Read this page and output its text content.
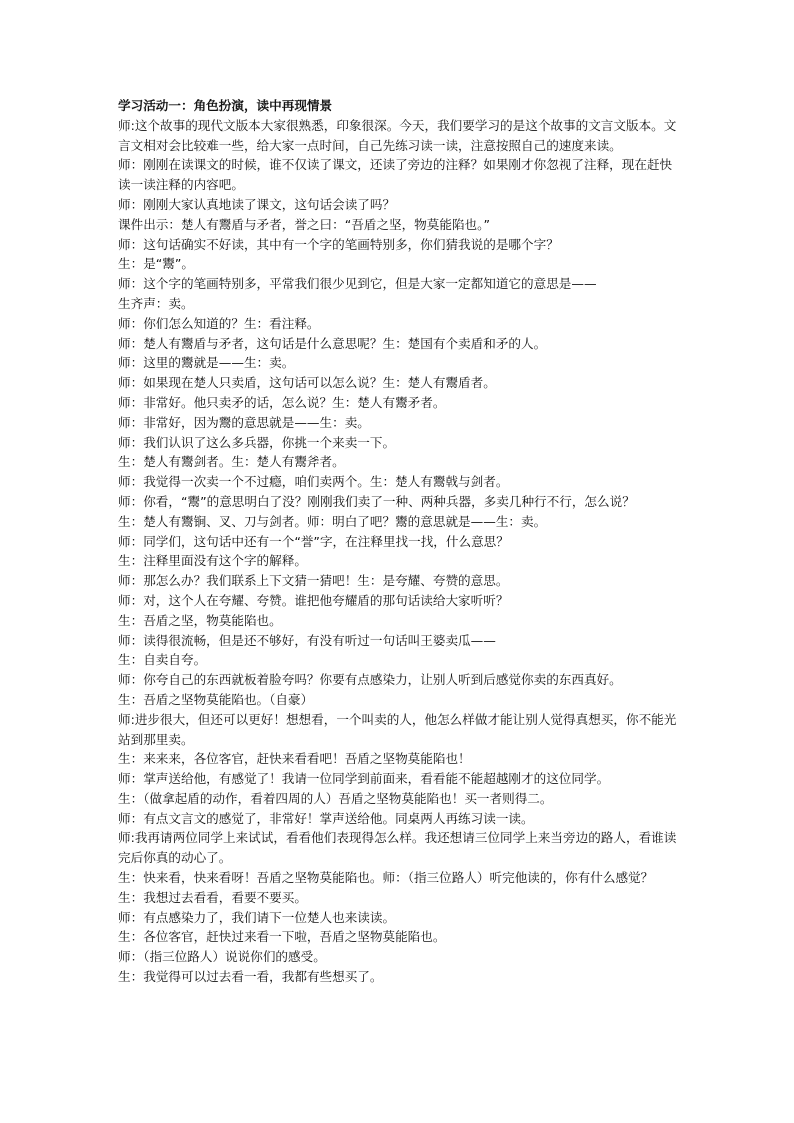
学习活动一：角色扮演，读中再现情景

师:这个故事的现代文版本大家很熟悉，印象很深。今天，我们要学习的是这个故事的文言文版本。文言文相对会比较难一些，给大家一点时间，自己先练习读一读，注意按照自己的速度来读。

师：刚刚在读课文的时候，谁不仅读了课文，还读了旁边的注释？如果刚才你忽视了注释，现在赶快读一读注释的内容吧。

师：刚刚大家认真地读了课文，这句话会读了吗？

课件出示：楚人有鬻盾与矛者，誉之曰：“吾盾之坚，物莫能陷也。”

师：这句话确实不好读，其中有一个字的笔画特别多，你们猜我说的是哪个字？

生：是“鬻”。

师：这个字的笔画特别多，平常我们很少见到它，但是大家一定都知道它的意思是——

生齐声：卖。

师：你们怎么知道的？生：看注释。

师：楚人有鬻盾与矛者，这句话是什么意思呢？生：楚国有个卖盾和矛的人。

师：这里的鬻就是——生：卖。

师：如果现在楚人只卖盾，这句话可以怎么说？生：楚人有鬻盾者。

师：非常好。他只卖矛的话，怎么说？生：楚人有鬻矛者。

师：非常好，因为鬻的意思就是——生：卖。

师：我们认识了这么多兵器，你挑一个来卖一下。

生：楚人有鬻剑者。生：楚人有鬻斧者。

师：我觉得一次卖一个不过瘾，咱们卖两个。生：楚人有鬻戟与剑者。

师：你看，“鬻”的意思明白了没？刚刚我们卖了一种、两种兵器，多卖几种行不行，怎么说？

生：楚人有鬻锏、叉、刀与剑者。师：明白了吧？鬻的意思就是——生：卖。

师：同学们，这句话中还有一个“誉”字，在注释里找一找，什么意思？

生：注释里面没有这个字的解释。

师：那怎么办？我们联系上下文猜一猜吧！生：是夸耀、夸赞的意思。

师：对，这个人在夸耀、夸赞。谁把他夸耀盾的那句话读给大家听听？

生：吾盾之坚，物莫能陷也。

师：读得很流畅，但是还不够好，有没有听过一句话叫王婆卖瓜——

生：自卖自夸。

师：你夸自己的东西就板着脸夸吗？你要有点感染力，让别人听到后感觉你卖的东西真好。

生：吾盾之坚物莫能陷也。（自豪）

师:进步很大，但还可以更好！想想看，一个叫卖的人，他怎么样做才能让别人觉得真想买，你不能光站到那里卖。

生：来来来，各位客官，赶快来看看吧！吾盾之坚物莫能陷也！

师：掌声送给他，有感觉了！我请一位同学到前面来，看看能不能超越刚才的这位同学。

生：（做拿起盾的动作，看着四周的人）吾盾之坚物莫能陷也！买一者则得二。

师：有点文言文的感觉了，非常好！掌声送给他。同桌两人再练习读一读。

师:我再请两位同学上来试试，看看他们表现得怎么样。我还想请三位同学上来当旁边的路人，看谁读完后你真的动心了。

生：快来看，快来看呀！吾盾之坚物莫能陷也。师：（指三位路人）听完他读的，你有什么感觉？生：我想过去看看，看要不要买。

师：有点感染力了，我们请下一位楚人也来读读。

生：各位客官，赶快过来看一下啦，吾盾之坚物莫能陷也。

师：（指三位路人）说说你们的感受。

生：我觉得可以过去看一看，我都有些想买了。
